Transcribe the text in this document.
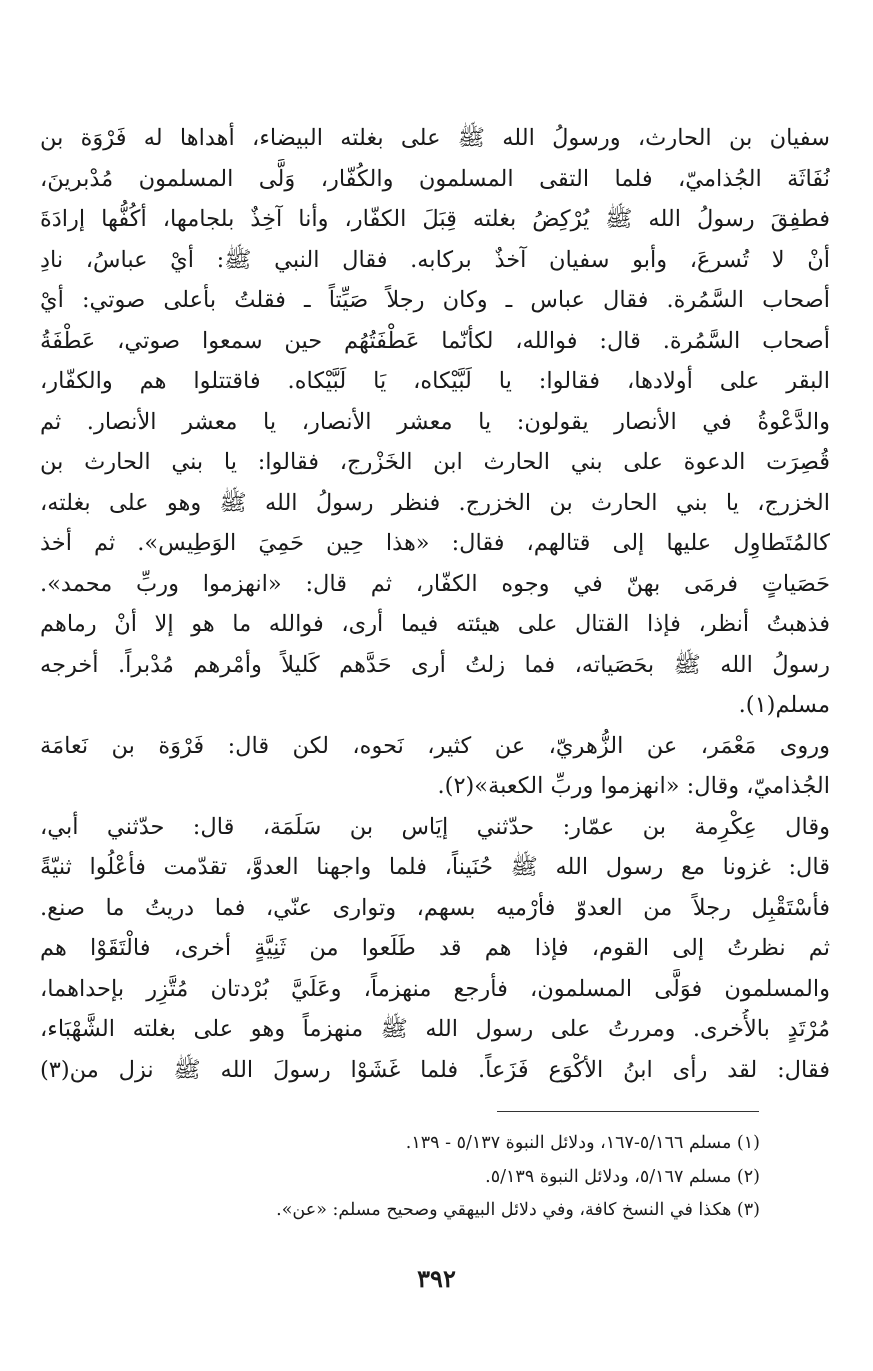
سفيان بن الحارث، ورسولُ الله ﷺ على بغلته البيضاء، أهداها له فَرْوَة بن
نُفَاثَة الجُذاميّ، فلما التقى المسلمون والكُفّار، وَلَّى المسلمون مُدْبرينَ،
فطفِقَ رسولُ الله ﷺ يُرْكِضُ بغلته قِبَلَ الكفّار، وأنا آخِذٌ بلجامها، أكُفُّها إرادَةَ
أنْ لا تُسرعَ، وأبو سفيان آخذٌ بركابه. فقال النبي ﷺ: أيْ عباسُ، نادِ
أصحاب السَّمُرة. فقال عباس ـ وكان رجلاً صَيِّتاً ـ فقلتُ بأعلى صوتي: أيْ
أصحاب السَّمُرة. قال: فوالله، لكأنّما عَطْفَتُهُم حين سمعوا صوتي، عَطْفَةُ
البقر على أولادها، فقالوا: يا لَبَّيْكاه، يَا لَبَّيْكاه. فاقتتلوا هم والكفّار،
والدَّعْوةُ في الأنصار يقولون: يا معشر الأنصار، يا معشر الأنصار. ثم
قُصِرَت الدعوة على بني الحارث ابن الخَزْرج، فقالوا: يا بني الحارث بن
الخزرج، يا بني الحارث بن الخزرج. فنظر رسولُ الله ﷺ وهو على بغلته،
كالمُتَطاوِل عليها إلى قتالهم، فقال: «هذا حِين حَمِيَ الوَطِيس». ثم أخذ
حَصَياتٍ فرمَى بهنّ في وجوه الكفّار، ثم قال: «انهزموا وربِّ محمد».
فذهبتُ أنظر، فإذا القتال على هيئته فيما أرى، فوالله ما هو إلا أنْ رماهم
رسولُ الله ﷺ بحَصَياته، فما زلتُ أرى حَدَّهم كَليلاً وأمْرهم مُدْبراً. أخرجه
مسلم(١).
وروى مَعْمَر، عن الزُّهريّ، عن كثير، نَحوه، لكن قال: فَرْوَة بن نَعامَة
الجُذاميّ، وقال: «انهزموا وربِّ الكعبة»(٢).
وقال عِكْرِمة بن عمّار: حدّثني إيَاس بن سَلَمَة، قال: حدّثني أبي،
قال: غزونا مع رسول الله ﷺ حُنَيناً، فلما واجهنا العدوَّ، تقدّمت فأعْلُوا ثنيّةً
فأسْتَقْبِل رجلاً من العدوّ فأرْميه بسهم، وتوارى عنّي، فما دريتُ ما صنع.
ثم نظرتُ إلى القوم، فإذا هم قد طَلَعوا من ثَنِيَّةٍ أخرى، فالْتَقَوْا هم
والمسلمون فوَلَّى المسلمون، فأرجع منهزماً، وعَلَيَّ بُرْدتان مُتَّزِر بإحداهما،
مُرْتَدٍ بالأُخرى. ومررتُ على رسول الله ﷺ منهزماً وهو على بغلته الشَّهْبَاء،
فقال: لقد رأى ابنُ الأكْوَع فَزَعاً. فلما غَشَوْا رسولَ الله ﷺ نزل من(٣)
(١) مسلم ٥/١٦٦-١٦٧، ودلائل النبوة ٥/١٣٧ - ١٣٩.
(٢) مسلم ٥/١٦٧، ودلائل النبوة ٥/١٣٩.
(٣) هكذا في النسخ كافة، وفي دلائل البيهقي وصحيح مسلم: «عن».
٣٩٢
